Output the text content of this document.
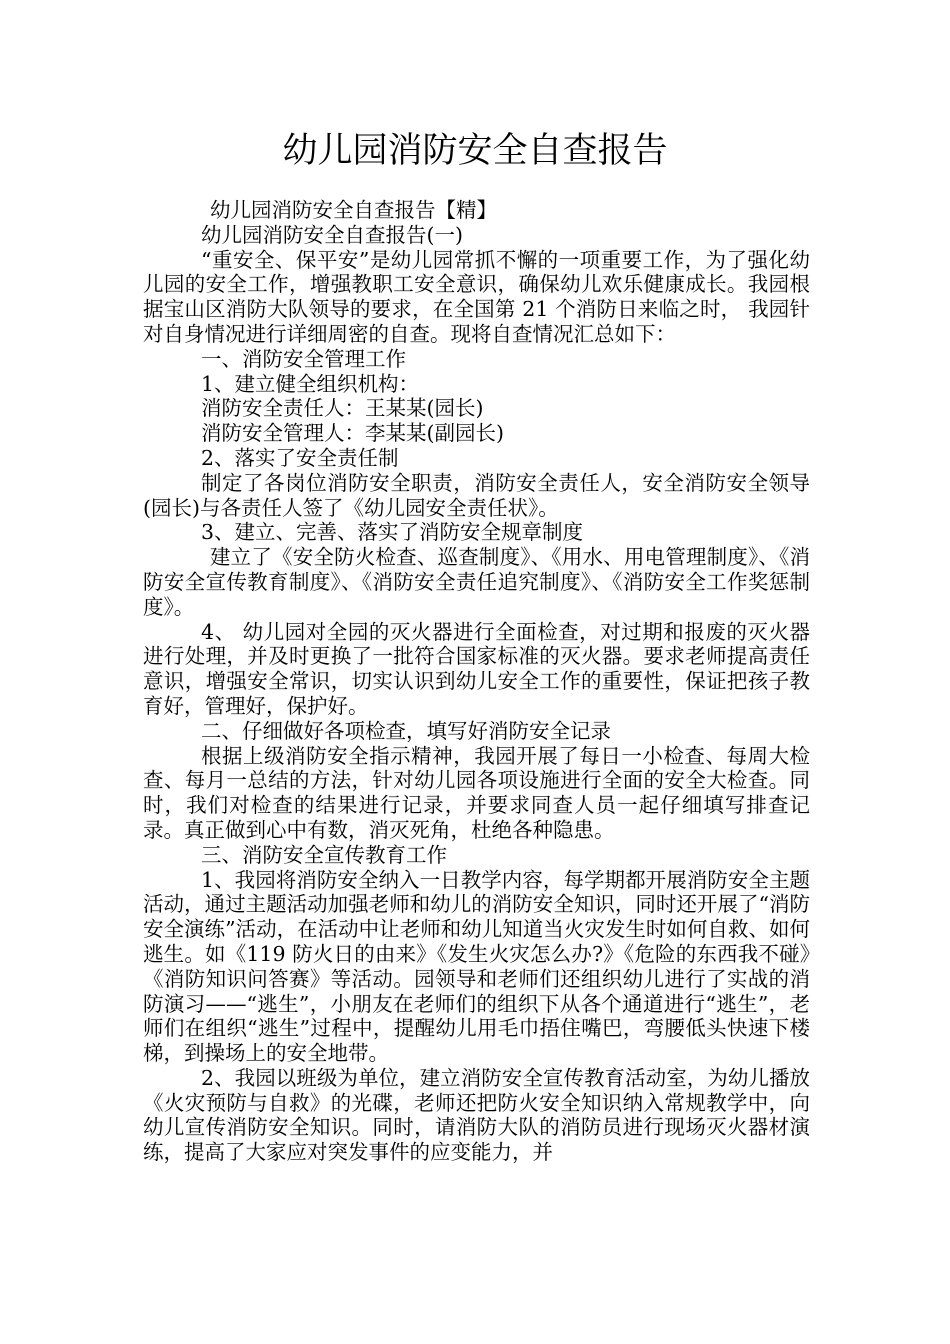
幼儿园消防安全自查报告

幼儿园消防安全自查报告【精】

幼儿园消防安全自查报告(一)

“重安全、保平安”是幼儿园常抓不懈的一项重要工作，为了强化幼儿园的安全工作，增强教职工安全意识，确保幼儿欢乐健康成长。我园根据宝山区消防大队领导的要求，在全国第 21 个消防日来临之时， 我园针对自身情况进行详细周密的自查。现将自查情况汇总如下：

一、消防安全管理工作

1、建立健全组织机构：

消防安全责任人：王某某(园长)

消防安全管理人：李某某(副园长)

2、落实了安全责任制

制定了各岗位消防安全职责，消防安全责任人，安全消防安全领导(园长)与各责任人签了《幼儿园安全责任状》。

3、建立、完善、落实了消防安全规章制度

建立了《安全防火检查、巡查制度》、《用水、用电管理制度》、《消防安全宣传教育制度》、《消防安全责任追究制度》、《消防安全工作奖惩制度》。

4、 幼儿园对全园的灭火器进行全面检查，对过期和报废的灭火器进行处理，并及时更换了一批符合国家标准的灭火器。要求老师提高责任意识，增强安全常识，切实认识到幼儿安全工作的重要性，保证把孩子教育好，管理好，保护好。

二、仔细做好各项检查，填写好消防安全记录

根据上级消防安全指示精神，我园开展了每日一小检查、每周大检查、每月一总结的方法，针对幼儿园各项设施进行全面的安全大检查。同时，我们对检查的结果进行记录，并要求同查人员一起仔细填写排查记录。真正做到心中有数，消灭死角，杜绝各种隐患。

三、消防安全宣传教育工作

1、我园将消防安全纳入一日教学内容，每学期都开展消防安全主题活动，通过主题活动加强老师和幼儿的消防安全知识，同时还开展了“消防安全演练”活动，在活动中让老师和幼儿知道当火灾发生时如何自救、如何逃生。如《119 防火日的由来》《发生火灾怎么办?》《危险的东西我不碰》《消防知识问答赛》等活动。园领导和老师们还组织幼儿进行了实战的消防演习——“逃生”，小朋友在老师们的组织下从各个通道进行“逃生”，老师们在组织“逃生”过程中，提醒幼儿用毛巾捂住嘴巴，弯腰低头快速下楼梯，到操场上的安全地带。

2、我园以班级为单位，建立消防安全宣传教育活动室，为幼儿播放《火灾预防与自救》的光碟，老师还把防火安全知识纳入常规教学中，向幼儿宣传消防安全知识。同时，请消防大队的消防员进行现场灭火器材演练，提高了大家应对突发事件的应变能力，并
